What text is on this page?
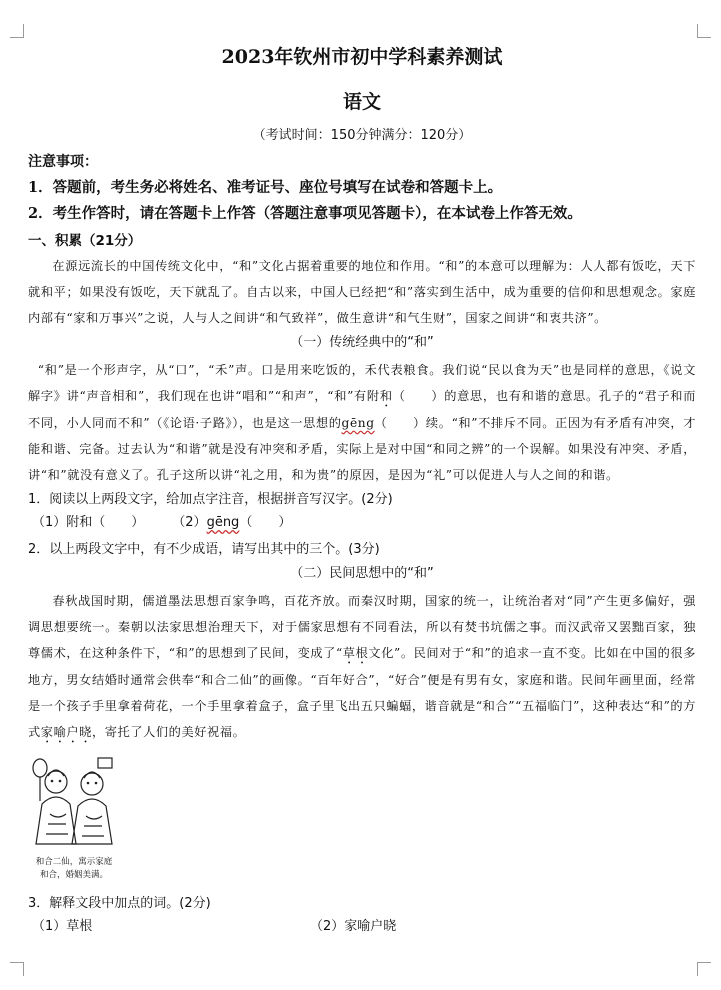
2023年钦州市初中学科素养测试
语文
（考试时间：150分钟满分：120分）
注意事项：
1．答题前，考生务必将姓名、准考证号、座位号填写在试卷和答题卡上。
2．考生作答时，请在答题卡上作答（答题注意事项见答题卡），在本试卷上作答无效。
一、积累（21分）

在源远流长的中国传统文化中，“和”文化占据着重要的地位和作用。“和”的本意可以理解为：人人都有饭吃，天下就和平；如果没有饭吃，天下就乱了。自古以来，中国人已经把“和”落实到生活中，成为重要的信仰和思想观念。家庭内部有“家和万事兴”之说，人与人之间讲“和气致祥”，做生意讲“和气生财”，国家之间讲“和衷共济”。

（一）传统经典中的“和”

“和”是一个形声字，从“口”，“禾”声。口是用来吃饭的，禾代表粮食。我们说“民以食为天”也是同样的意思，《说文解字》讲“声音相和”，我们现在也讲“唱和”“和声”，“和”有附和（　　）的意思，也有和谐的意思。孔子的“君子和而不同，小人同而不和”（《论语·子路》），也是这一思想的gēng（　　）续。“和”不排斥不同。正因为有矛盾有冲突，才能和谐、完备。过去认为“和谐”就是没有冲突和矛盾，实际上是对中国“和同之辨”的一个误解。如果没有冲突、矛盾，讲“和”就没有意义了。孔子这所以讲“礼之用，和为贵”的原因，是因为“礼”可以促进人与人之间的和谐。

1．阅读以上两段文字，给加点字注音，根据拼音写汉字。(2分)
（1）附和（　　） （2）gēng（　　）
2．以上两段文字中，有不少成语，请写出其中的三个。(3分)
（二）民间思想中的“和”

春秋战国时期，儒道墨法思想百家争鸣，百花齐放。而秦汉时期，国家的统一，让统治者对“同”产生更多偏好，强调思想要统一。秦朝以法家思想治理天下，对于儒家思想有不同看法，所以有焚书坑儒之事。而汉武帝又罢黜百家，独尊儒术，在这种条件下，“和”的思想到了民间，变成了“草根文化”。民间对于“和”的追求一直不变。比如在中国的很多地方，男女结婚时通常会供奉“和合二仙”的画像。“百年好合”，“好合”便是有男有女，家庭和谐。民间年画里面，经常是一个孩子手里拿着荷花，一个手里拿着盒子，盒子里飞出五只蝙蝠，谐音就是“和合”“五福临门”，这种表达“和”的方式家喻户晓，寄托了人们的美好祝福。

和合二仙，寓示家庭
和合，婚姻美满。
3．解释文段中加点的词。(2分)
（1）草根	（2）家喻户晓
